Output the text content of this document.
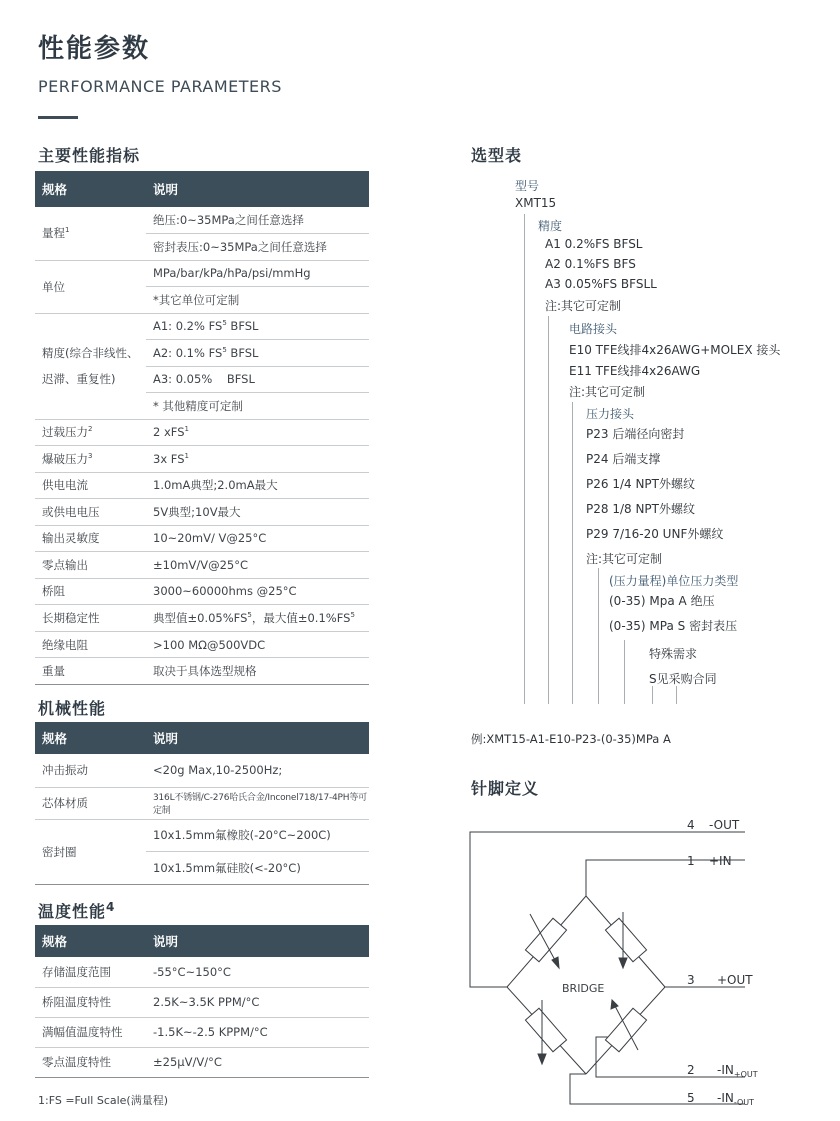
性能参数
PERFORMANCE PARAMETERS
主要性能指标
规格	说明
量程$^1$	绝压:0~35MPa之间任意选择
	密封表压:0~35MPa之间任意选择
单位	MPa/bar/kPa/hPa/psi/mmHg
	*其它单位可定制
精度(综合非线性、
迟滞、重复性)	A1: 0.2% $FS^5$ BFSL
	A2: 0.1% $FS^5$ BFSL
	A3: 0.05%    BFSL
	* 其他精度可定制
过载压力$^2$	2 xFS$^1$
爆破压力$^3$	3x $FS^1$
供电电流	1.0mA典型;2.0mA最大
或供电电压	5V典型;10V最大
输出灵敏度	10~20mV/ V@25°C
零点输出	±10mV/V@25°C
桥阻	3000~60000hms @25°C
长期稳定性	典型值$\pm 0.05\%FS^5$，最大值$\pm 0.1\%FS^5$
绝缘电阻	>100 MΩ@500VDC
重量	取决于具体选型规格
机械性能
规格	说明
冲击振动	<20g Max,10-2500Hz;
芯体材质	316L不锈钢/C-276哈氏合金/Inconel718/17-4PH等可定制
密封圈	10x1.5mm氟橡胶(-20°C~200C)
	10x1.5mm氟硅胶(<-20°C)
温度性能$^4$
规格	说明
存储温度范围	-55°C~150°C
桥阻温度特性	2.5K~3.5K PPM/°C
满幅值温度特性	-1.5K~-2.5 KPPM/°C
零点温度特性	±25μV/V/°C
1:FS =Full Scale(满量程)
选型表
型号
XMT15
精度
A1 0.2%FS BFSL
A2 0.1%FS BFS
A3 0.05%FS BFSLL
注:其它可定制
电路接头
E10 TFE线排4x26AWG+MOLEX 接头
E11 TFE线排4x26AWG
注:其它可定制
压力接头
P23 后端径向密封
P24 后端支撑
P26 1/4 NPT外螺纹
P28 1/8 NPT外螺纹
P29 7/16-20 UNF外螺纹
注:其它可定制
(压力量程)单位压力类型
(0-35) Mpa A 绝压
(0-35) MPa S 密封表压
特殊需求
S见采购合同
例:XMT15-A1-E10-P23-(0-35)MPa A
针脚定义
BRIDGE
4 -OUT
1 +IN
3 +OUT
2 $-IN_{+OUT}$
5 $-IN_{-OUT}$
